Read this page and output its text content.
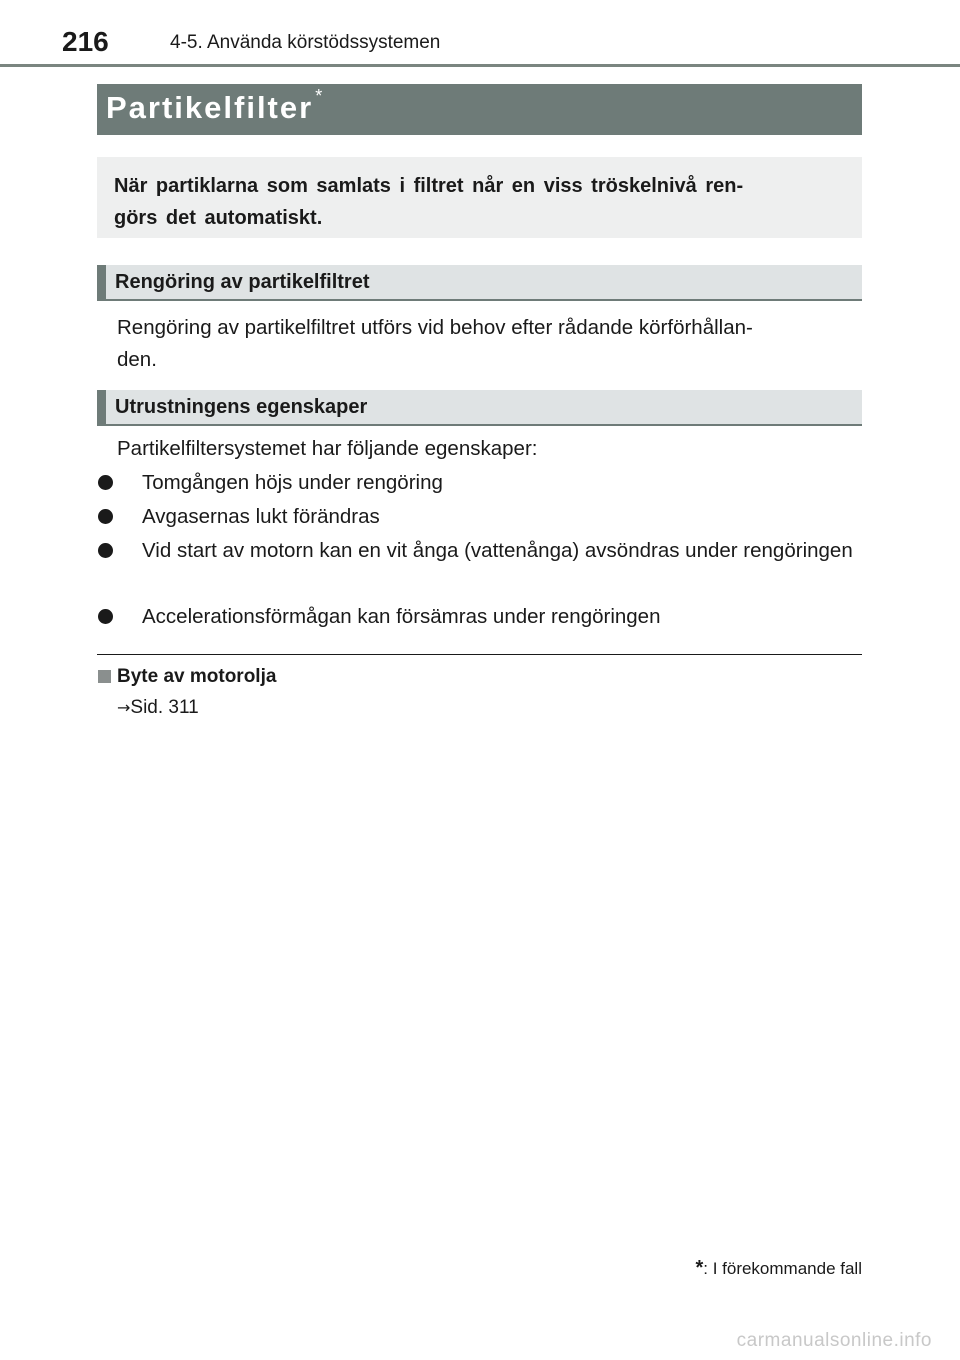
216	4-5. Använda körstödssystemen
Partikelfilter *
När partiklarna som samlats i filtret når en viss tröskelnivå ren-
görs det automatiskt.
Rengöring av partikelfiltret
Rengöring av partikelfiltret utförs vid behov efter rådande körförhållan-
den.
Utrustningens egenskaper
Partikelfiltersystemet har följande egenskaper:
Tomgången höjs under rengöring
Avgasernas lukt förändras
Vid start av motorn kan en vit ånga (vattenånga) avsöndras under rengöringen
Accelerationsförmågan kan försämras under rengöringen
Byte av motorolja
→Sid. 311
*: I förekommande fall
carmanualsonline.info
